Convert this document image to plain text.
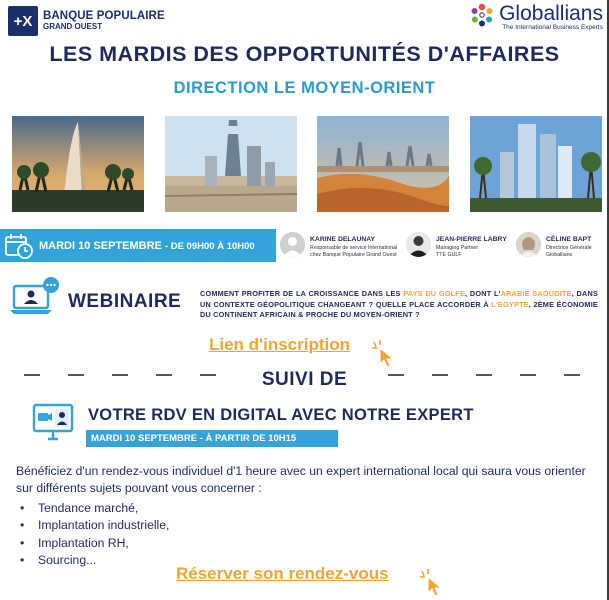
+X BANQUE POPULAIRE
GRAND OUEST
Globallians
The International Business Experts
LES MARDIS DES OPPORTUNITÉS D'AFFAIRES
DIRECTION LE MOYEN-ORIENT
MARDI 10 SEPTEMBRE - DE 09H00 À 10H00
KARINE DELAUNAY
Responsable de service International
chez Banque Populaire Grand Ouest
JEAN-PIERRE LABRY
Managing Partner
TTE GULF
CÉLINE BAPT
Directrice Générale
Globallians
WEBINAIRE	COMMENT PROFITER DE LA CROISSANCE DANS LES PAYS DU GOLFE, DONT L'ARABIE SAOUDITE, DANS UN CONTEXTE GÉOPOLITIQUE CHANGEANT ? QUELLE PLACE ACCORDER À L'EGYPTE, 2ÈME ÉCONOMIE DU CONTINENT AFRICAIN & PROCHE DU MOYEN-ORIENT ?
Lien d'inscription
SUIVI DE
VOTRE RDV EN DIGITAL AVEC NOTRE EXPERT
MARDI 10 SEPTEMBRE - À PARTIR DE 10H15
Bénéficiez d'un rendez-vous individuel d'1 heure avec un expert international local qui saura vous orienter sur différents sujets pouvant vous concerner :
• Tendance marché,
• Implantation industrielle,
• Implantation RH,
• Sourcing...
Réserver son rendez-vous
